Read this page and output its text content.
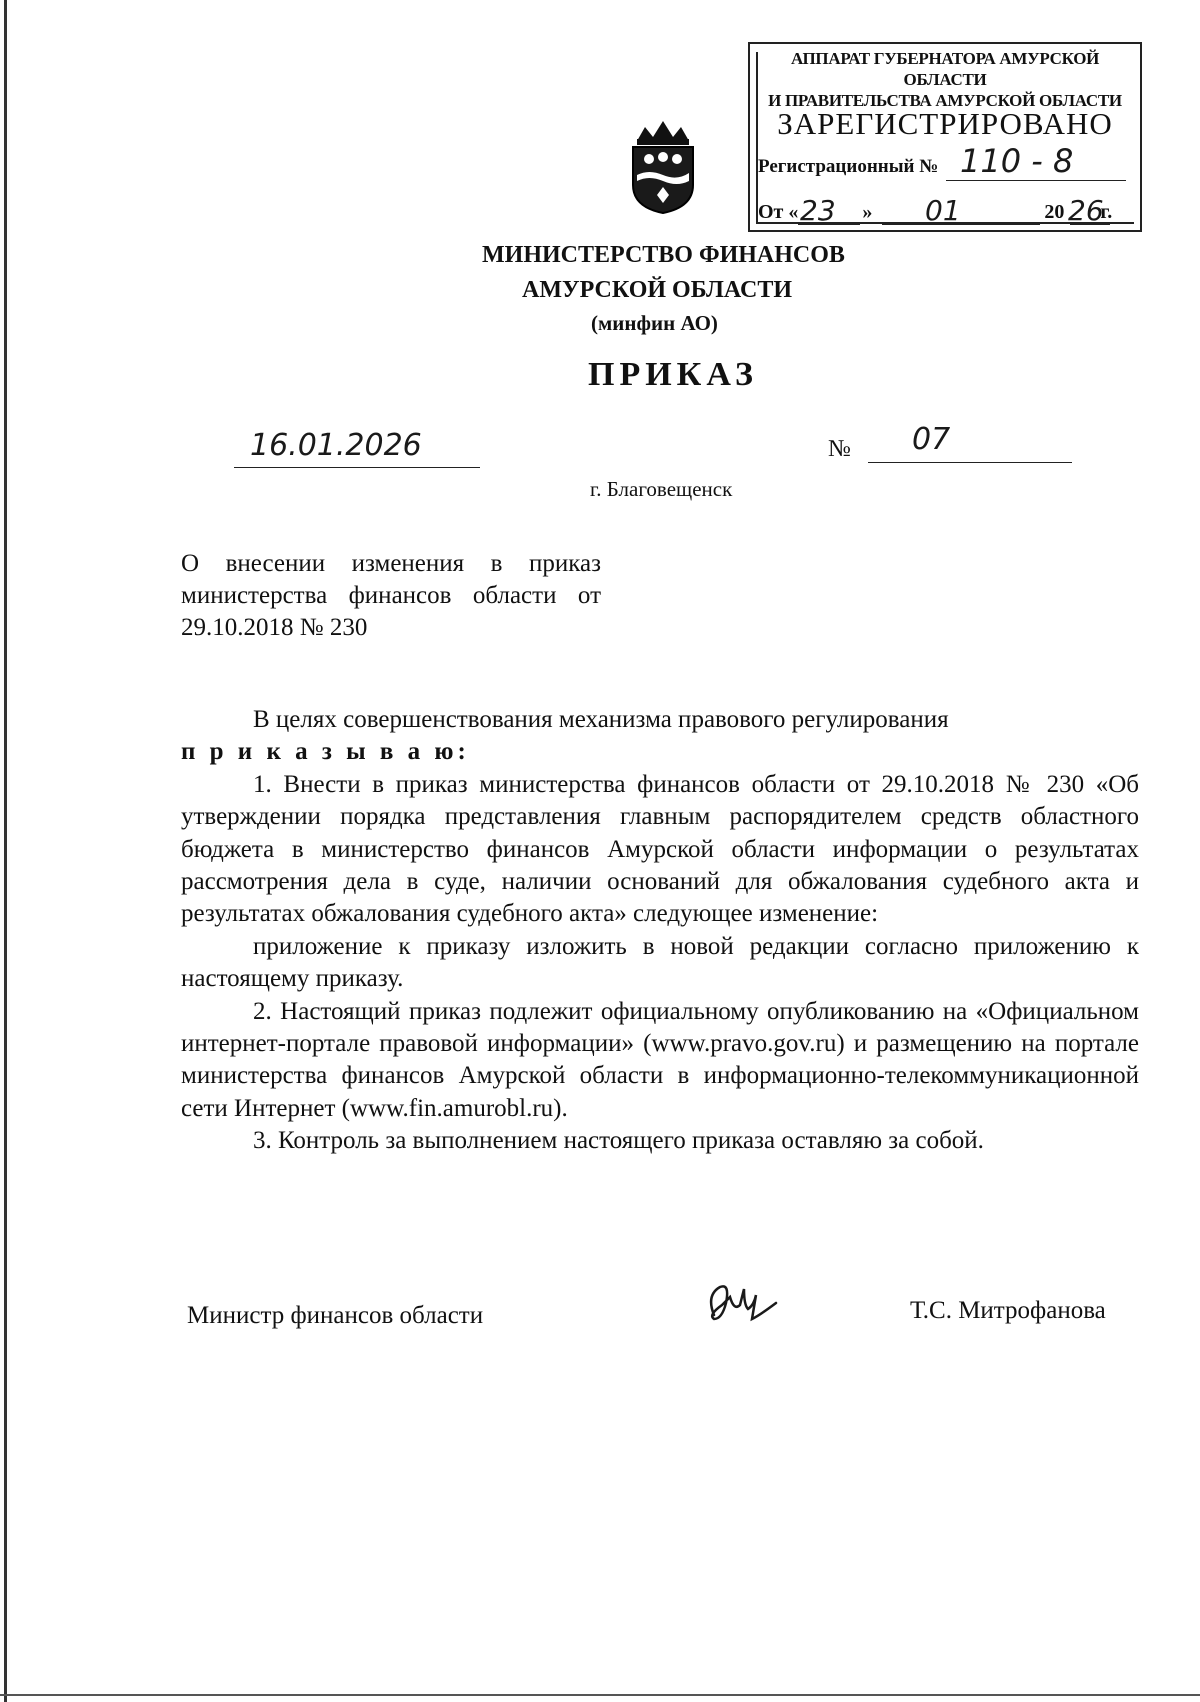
АППАРАТ ГУБЕРНАТОРА АМУРСКОЙ ОБЛАСТИ
И ПРАВИТЕЛЬСТВА АМУРСКОЙ ОБЛАСТИ
ЗАРЕГИСТРИРОВАНО
Регистрационный № 110 - 8
От «	»	20 г.
23	01	26
МИНИСТЕРСТВО ФИНАНСОВ
АМУРСКОЙ ОБЛАСТИ
(минфин АО)
ПРИКАЗ
16.01.2026	№ 07
г. Благовещенск
О внесении изменения в приказ министерства финансов области от 29.10.2018 № 230

В целях совершенствования механизма правового регулирования

п р и к а з ы в а ю:

1. Внести в приказ министерства финансов области от 29.10.2018 № 230 «Об утверждении порядка представления главным распорядителем средств областного бюджета в министерство финансов Амурской области информации о результатах рассмотрения дела в суде, наличии оснований для обжалования судебного акта и результатах обжалования судебного акта» следующее изменение:

приложение к приказу изложить в новой редакции согласно приложению к настоящему приказу.

2. Настоящий приказ подлежит официальному опубликованию на «Официальном интернет-портале правовой информации» (www.pravo.gov.ru) и размещению на портале министерства финансов Амурской области в информационно-телекоммуникационной сети Интернет (www.fin.amurobl.ru).

3. Контроль за выполнением настоящего приказа оставляю за собой.

Министр финансов области	Т.С. Митрофанова
